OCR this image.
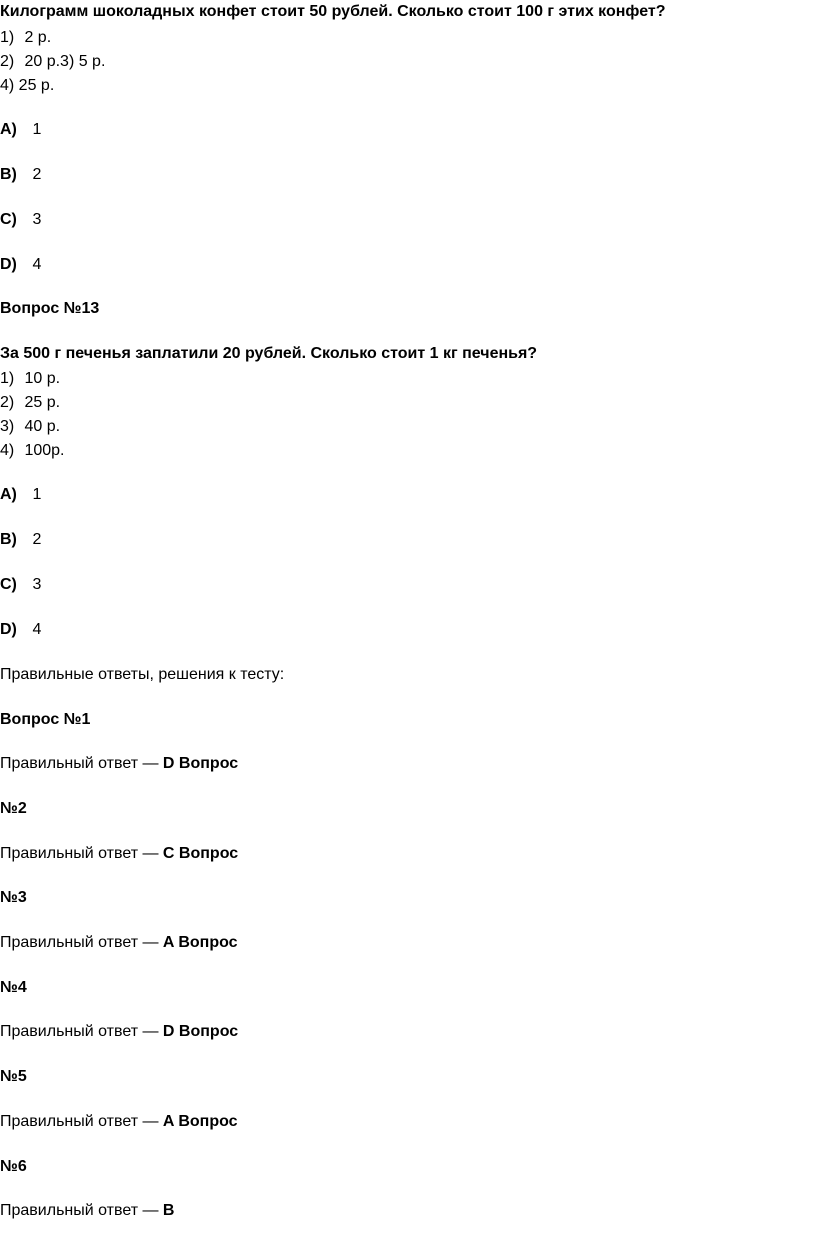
Килограмм шоколадных конфет стоит 50 рублей. Сколько стоит 100 г этих конфет?
1) 2 р.
2) 20 р.3) 5 р.
4) 25 р.
A) 1
B) 2
C) 3
D) 4
Вопрос №13
За 500 г печенья заплатили 20 рублей. Сколько стоит 1 кг печенья?
1) 10 р.
2) 25 р.
3) 40 р.
4) 100р.
A) 1
B) 2
C) 3
D) 4
Правильные ответы, решения к тесту:
Вопрос №1
Правильный ответ — D Вопрос
№2
Правильный ответ — C Вопрос
№3
Правильный ответ — A Вопрос
№4
Правильный ответ — D Вопрос
№5
Правильный ответ — A Вопрос
№6
Правильный ответ — B
